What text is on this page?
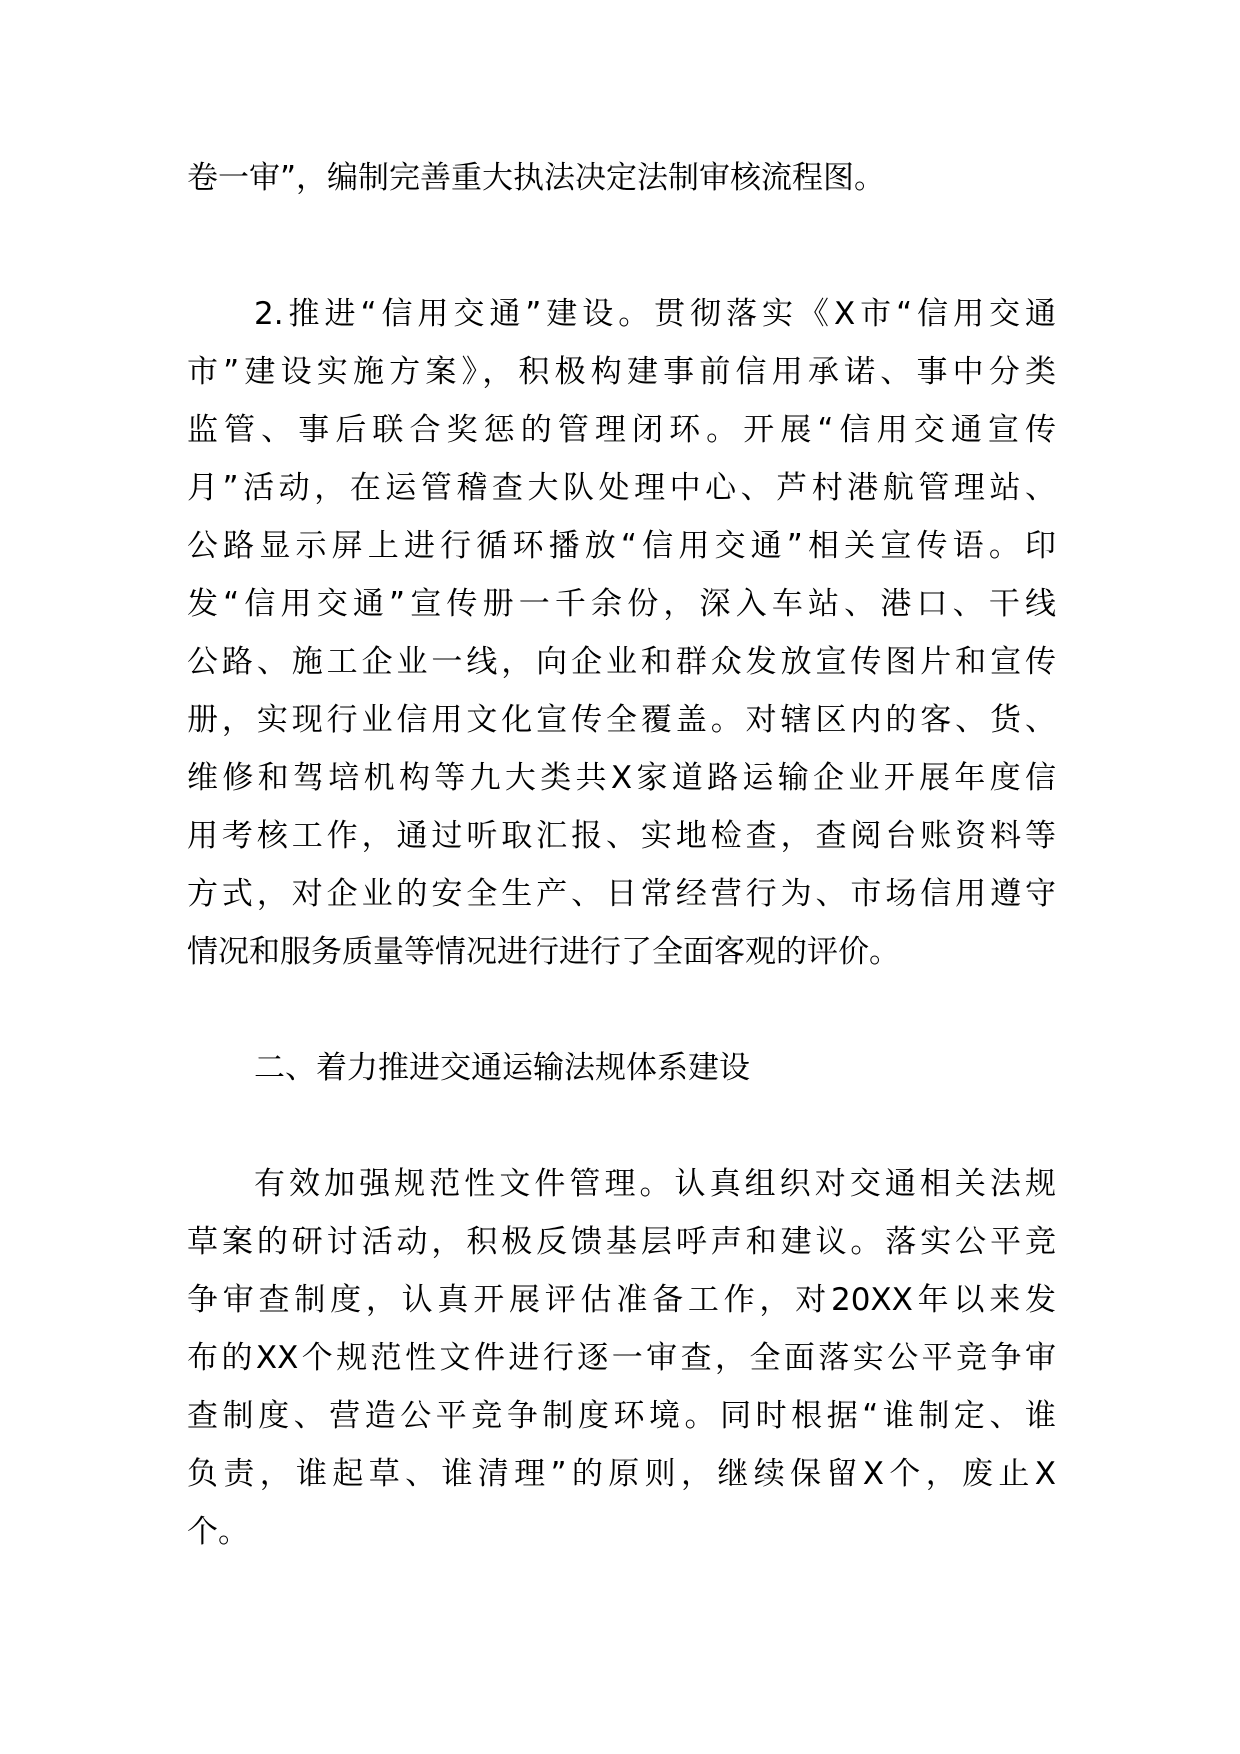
卷一审”，编制完善重大执法决定法制审核流程图。
2.推进“信用交通”建设。贯彻落实《X市“信用交通
市”建设实施方案》，积极构建事前信用承诺、事中分类
监管、事后联合奖惩的管理闭环。开展“信用交通宣传
月”活动，在运管稽查大队处理中心、芦村港航管理站、
公路显示屏上进行循环播放“信用交通”相关宣传语。印
发“信用交通”宣传册一千余份，深入车站、港口、干线
公路、施工企业一线，向企业和群众发放宣传图片和宣传
册，实现行业信用文化宣传全覆盖。对辖区内的客、货、
维修和驾培机构等九大类共X家道路运输企业开展年度信
用考核工作，通过听取汇报、实地检查，查阅台账资料等
方式，对企业的安全生产、日常经营行为、市场信用遵守
情况和服务质量等情况进行进行了全面客观的评价。
二、着力推进交通运输法规体系建设
有效加强规范性文件管理。认真组织对交通相关法规
草案的研讨活动，积极反馈基层呼声和建议。落实公平竞
争审查制度，认真开展评估准备工作，对20XX年以来发
布的XX个规范性文件进行逐一审查，全面落实公平竞争审
查制度、营造公平竞争制度环境。同时根据“谁制定、谁
负责，谁起草、谁清理”的原则，继续保留X个，废止X
个。
